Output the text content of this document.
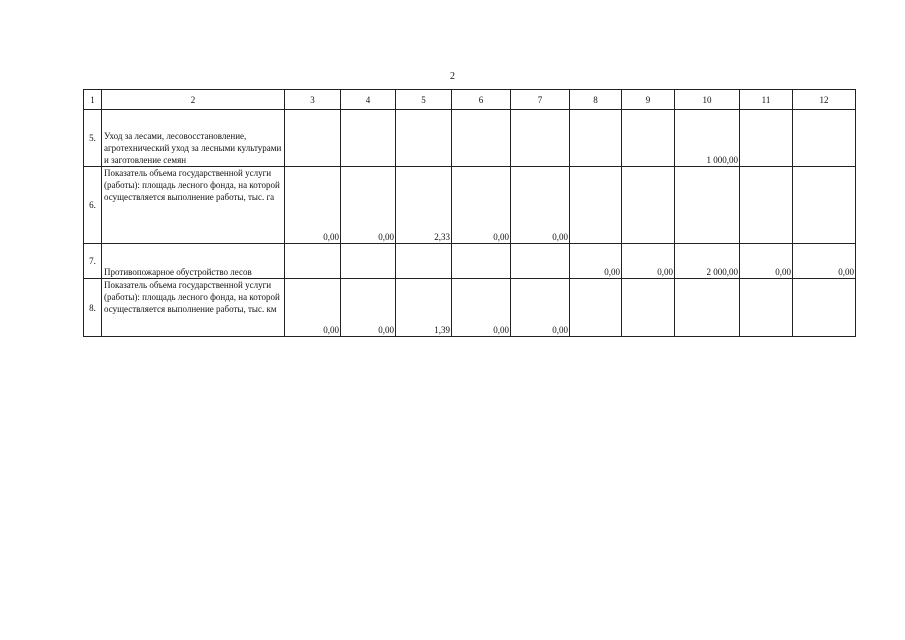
2
1	2	3	4	5	6	7	8	9	10	11	12
5.	Уход за лесами, лесовосстановление, агротехнический уход за лесными культурами и заготовление семян								1 000,00		
6.	Показатель объема государственной услуги (работы): площадь лесного фонда, на которой осуществляется выполнение работы, тыс. га	0,00	0,00	2,33	0,00	0,00					
7.	Противопожарное обустройство лесов						0,00	0,00	2 000,00	0,00	0,00
8.	Показатель объема государственной услуги (работы): площадь лесного фонда, на которой осуществляется выполнение работы, тыс. км	0,00	0,00	1,39	0,00	0,00					
